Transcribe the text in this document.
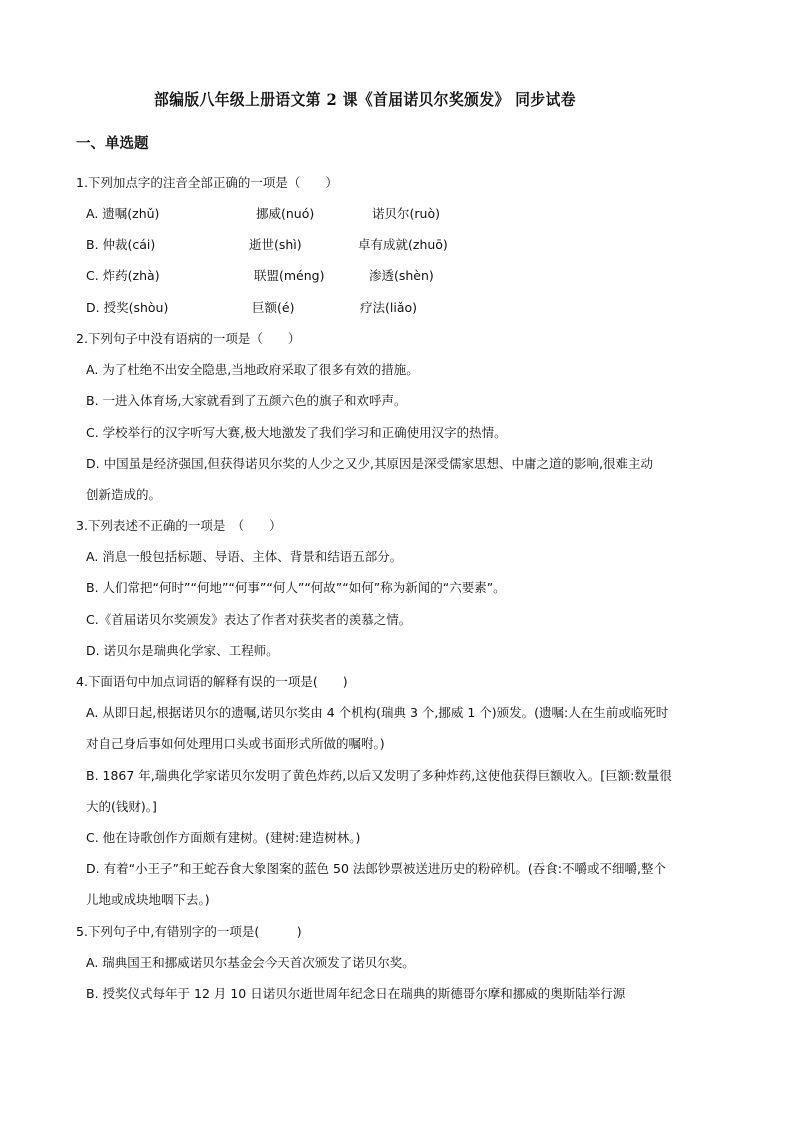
部编版八年级上册语文第 2 课《首届诺贝尔奖颁发》 同步试卷
一、单选题
1.下列加点字的注音全部正确的一项是（　　）
A. 遗嘱(zhǔ)	挪威(nuó)	诺贝尔(ruò)
B. 仲裁(cái)	逝世(shì)	卓有成就(zhuō)
C. 炸药(zhà)	联盟(méng)	渗透(shèn)
D. 授奖(shòu)	巨额(é)	疗法(liǎo)
2.下列句子中没有语病的一项是（　　）
A. 为了杜绝不出安全隐患,当地政府采取了很多有效的措施。
B. 一进入体育场,大家就看到了五颜六色的旗子和欢呼声。
C. 学校举行的汉字听写大赛,极大地激发了我们学习和正确使用汉字的热情。
D. 中国虽是经济强国,但获得诺贝尔奖的人少之又少,其原因是深受儒家思想、中庸之道的影响,很难主动
创新造成的。
3.下列表述不正确的一项是　（　　）
A. 消息一般包括标题、导语、主体、背景和结语五部分。
B. 人们常把“何时”“何地”“何事”“何人”“何故”“如何”称为新闻的“六要素”。
C.《首届诺贝尔奖颁发》表达了作者对获奖者的羡慕之情。
D. 诺贝尔是瑞典化学家、工程师。
4.下面语句中加点词语的解释有误的一项是(　　)
A. 从即日起,根据诺贝尔的遗嘱,诺贝尔奖由 4 个机构(瑞典 3 个,挪威 1 个)颁发。(遗嘱:人在生前或临死时
对自己身后事如何处理用口头或书面形式所做的嘱咐。)
B. 1867 年,瑞典化学家诺贝尔发明了黄色炸药,以后又发明了多种炸药,这使他获得巨额收入。[巨额:数量很
大的(钱财)。]
C. 他在诗歌创作方面颇有建树。(建树:建造树林。)
D. 有着“小王子”和王蛇吞食大象图案的蓝色 50 法郎钞票被送进历史的粉碎机。(吞食:不嚼或不细嚼,整个
儿地或成块地咽下去。)
5.下列句子中,有错别字的一项是(　　　)
A. 瑞典国王和挪威诺贝尔基金会今天首次颁发了诺贝尔奖。
B. 授奖仪式每年于 12 月 10 日诺贝尔逝世周年纪念日在瑞典的斯德哥尔摩和挪威的奥斯陆举行源
